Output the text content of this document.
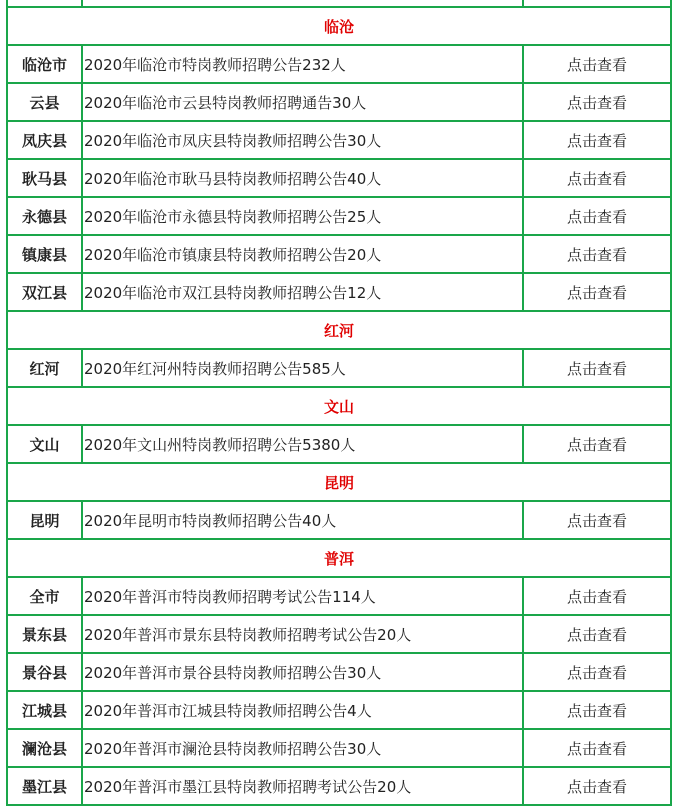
临沧		
临沧市	2020年临沧市特岗教师招聘公告232人	点击查看
云县	2020年临沧市云县特岗教师招聘通告30人	点击查看
凤庆县	2020年临沧市凤庆县特岗教师招聘公告30人	点击查看
耿马县	2020年临沧市耿马县特岗教师招聘公告40人	点击查看
永德县	2020年临沧市永德县特岗教师招聘公告25人	点击查看
镇康县	2020年临沧市镇康县特岗教师招聘公告20人	点击查看
双江县	2020年临沧市双江县特岗教师招聘公告12人	点击查看
红河		
红河	2020年红河州特岗教师招聘公告585人	点击查看
文山		
文山	2020年文山州特岗教师招聘公告5380人	点击查看
昆明		
昆明	2020年昆明市特岗教师招聘公告40人	点击查看
普洱		
全市	2020年普洱市特岗教师招聘考试公告114人	点击查看
景东县	2020年普洱市景东县特岗教师招聘考试公告20人	点击查看
景谷县	2020年普洱市景谷县特岗教师招聘公告30人	点击查看
江城县	2020年普洱市江城县特岗教师招聘公告4人	点击查看
澜沧县	2020年普洱市澜沧县特岗教师招聘公告30人	点击查看
墨江县	2020年普洱市墨江县特岗教师招聘考试公告20人	点击查看
